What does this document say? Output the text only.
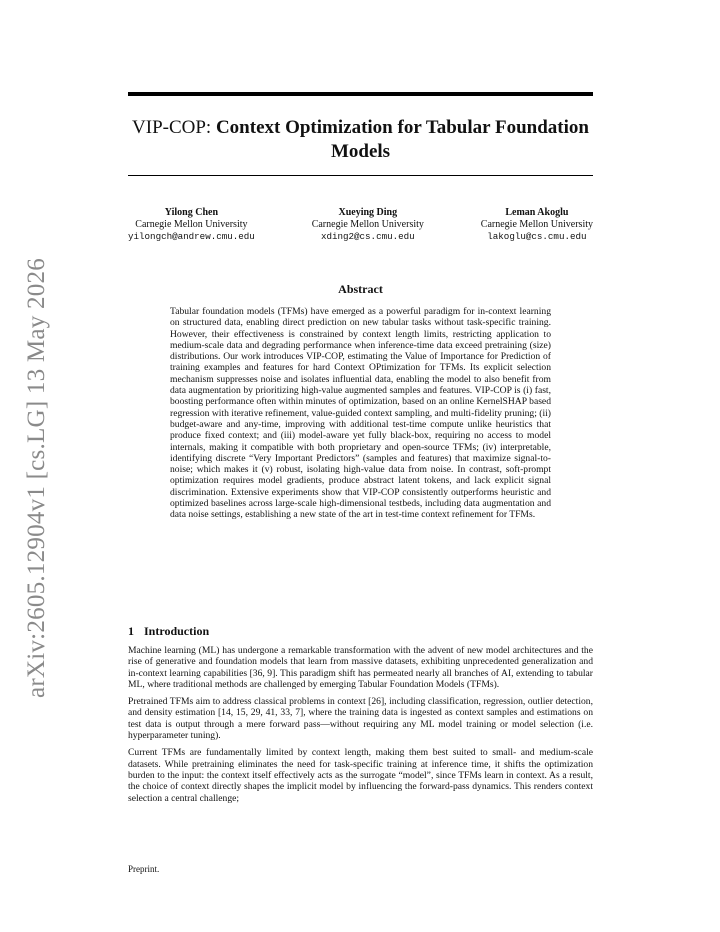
arXiv:2605.12904v1 [cs.LG] 13 May 2026
VIP-COP: Context Optimization for Tabular Foundation Models
Yilong Chen
Carnegie Mellon University
yilongch@andrew.cmu.edu
Xueying Ding
Carnegie Mellon University
xding2@cs.cmu.edu
Leman Akoglu
Carnegie Mellon University
lakoglu@cs.cmu.edu
Abstract

Tabular foundation models (TFMs) have emerged as a powerful paradigm for in-context learning on structured data, enabling direct prediction on new tabular tasks without task-specific training. However, their effectiveness is constrained by context length limits, restricting application to medium-scale data and degrading performance when inference-time data exceed pretraining (size) distributions. Our work introduces VIP-COP, estimating the Value of Importance for Prediction of training examples and features for hard Context OPtimization for TFMs. Its explicit selection mechanism suppresses noise and isolates influential data, enabling the model to also benefit from data augmentation by prioritizing high-value augmented samples and features. VIP-COP is (i) fast, boosting performance often within minutes of optimization, based on an online KernelSHAP based regression with iterative refinement, value-guided context sampling, and multi-fidelity pruning; (ii) budget-aware and any-time, improving with additional test-time compute unlike heuristics that produce fixed context; and (iii) model-aware yet fully black-box, requiring no access to model internals, making it compatible with both proprietary and open-source TFMs; (iv) interpretable, identifying discrete “Very Important Predictors” (samples and features) that maximize signal-to-noise; which makes it (v) robust, isolating high-value data from noise. In contrast, soft-prompt optimization requires model gradients, produce abstract latent tokens, and lack explicit signal discrimination. Extensive experiments show that VIP-COP consistently outperforms heuristic and optimized baselines across large-scale high-dimensional testbeds, including data augmentation and data noise settings, establishing a new state of the art in test-time context refinement for TFMs.

1 Introduction

Machine learning (ML) has undergone a remarkable transformation with the advent of new model architectures and the rise of generative and foundation models that learn from massive datasets, exhibiting unprecedented generalization and in-context learning capabilities [36, 9]. This paradigm shift has permeated nearly all branches of AI, extending to tabular ML, where traditional methods are challenged by emerging Tabular Foundation Models (TFMs).

Pretrained TFMs aim to address classical problems in context [26], including classification, regression, outlier detection, and density estimation [14, 15, 29, 41, 33, 7], where the training data is ingested as context samples and estimations on test data is output through a mere forward pass—without requiring any ML model training or model selection (i.e. hyperparameter tuning).

Current TFMs are fundamentally limited by context length, making them best suited to small- and medium-scale datasets. While pretraining eliminates the need for task-specific training at inference time, it shifts the optimization burden to the input: the context itself effectively acts as the surrogate “model”, since TFMs learn in context. As a result, the choice of context directly shapes the implicit model by influencing the forward-pass dynamics. This renders context selection a central challenge;

Preprint.
